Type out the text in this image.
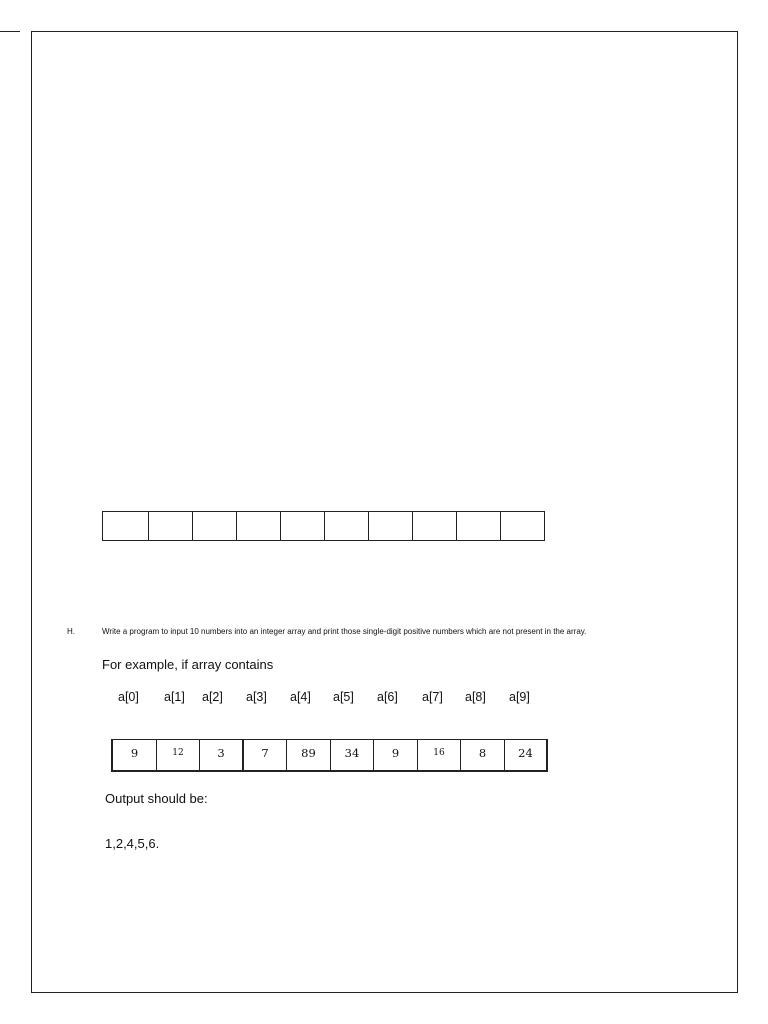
H.	Write a program to input 10 numbers into an integer array and print those single-digit positive numbers which are not present in the array.
For example, if array contains
a[0] a[1] a[2] a[3] a[4] a[5] a[6] a[7] a[8] a[9]
9	12	3	7	89	34	9	16	8	24
Output should be:
1,2,4,5,6.
